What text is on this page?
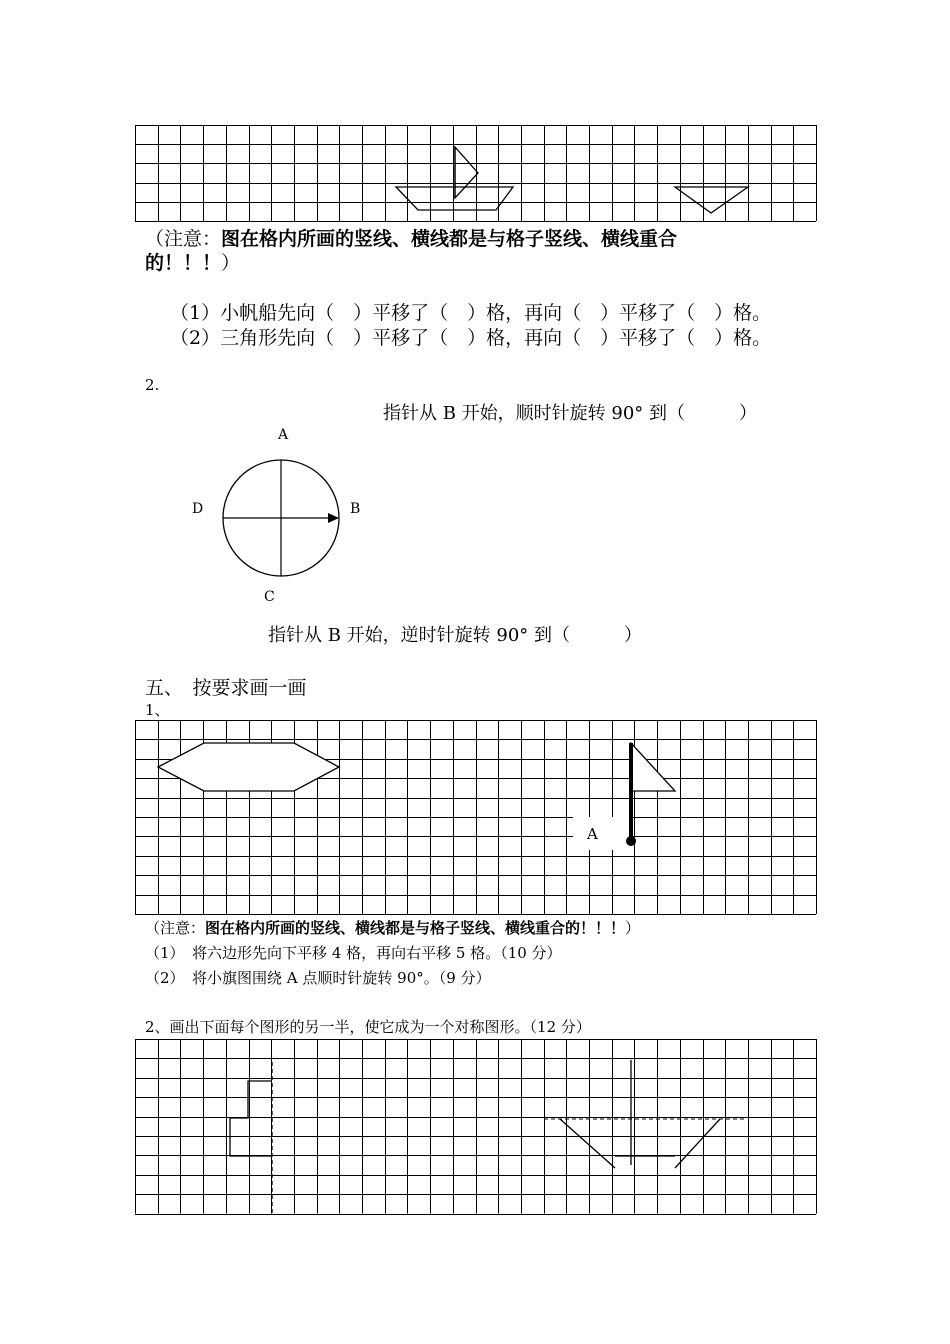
（注意：图在格内所画的竖线、横线都是与格子竖线、横线重合
的！！！）
（1）小帆船先向（　）平移了（　）格，再向（　）平移了（　）格。
（2）三角形先向（　）平移了（　）格，再向（　）平移了（　）格。
2.
指针从 B 开始，顺时针旋转 90° 到（　　　）
A
B
C
D
指针从 B 开始，逆时针旋转 90° 到（　　　）
五、　按要求画一画
1、
A
（注意：图在格内所画的竖线、横线都是与格子竖线、横线重合的！！！）
（1）　将六边形先向下平移 4 格，再向右平移 5 格。（10 分）
（2）　将小旗图围绕 A 点顺时针旋转 90°。（9 分）
2、画出下面每个图形的另一半，使它成为一个对称图形。（12 分）
